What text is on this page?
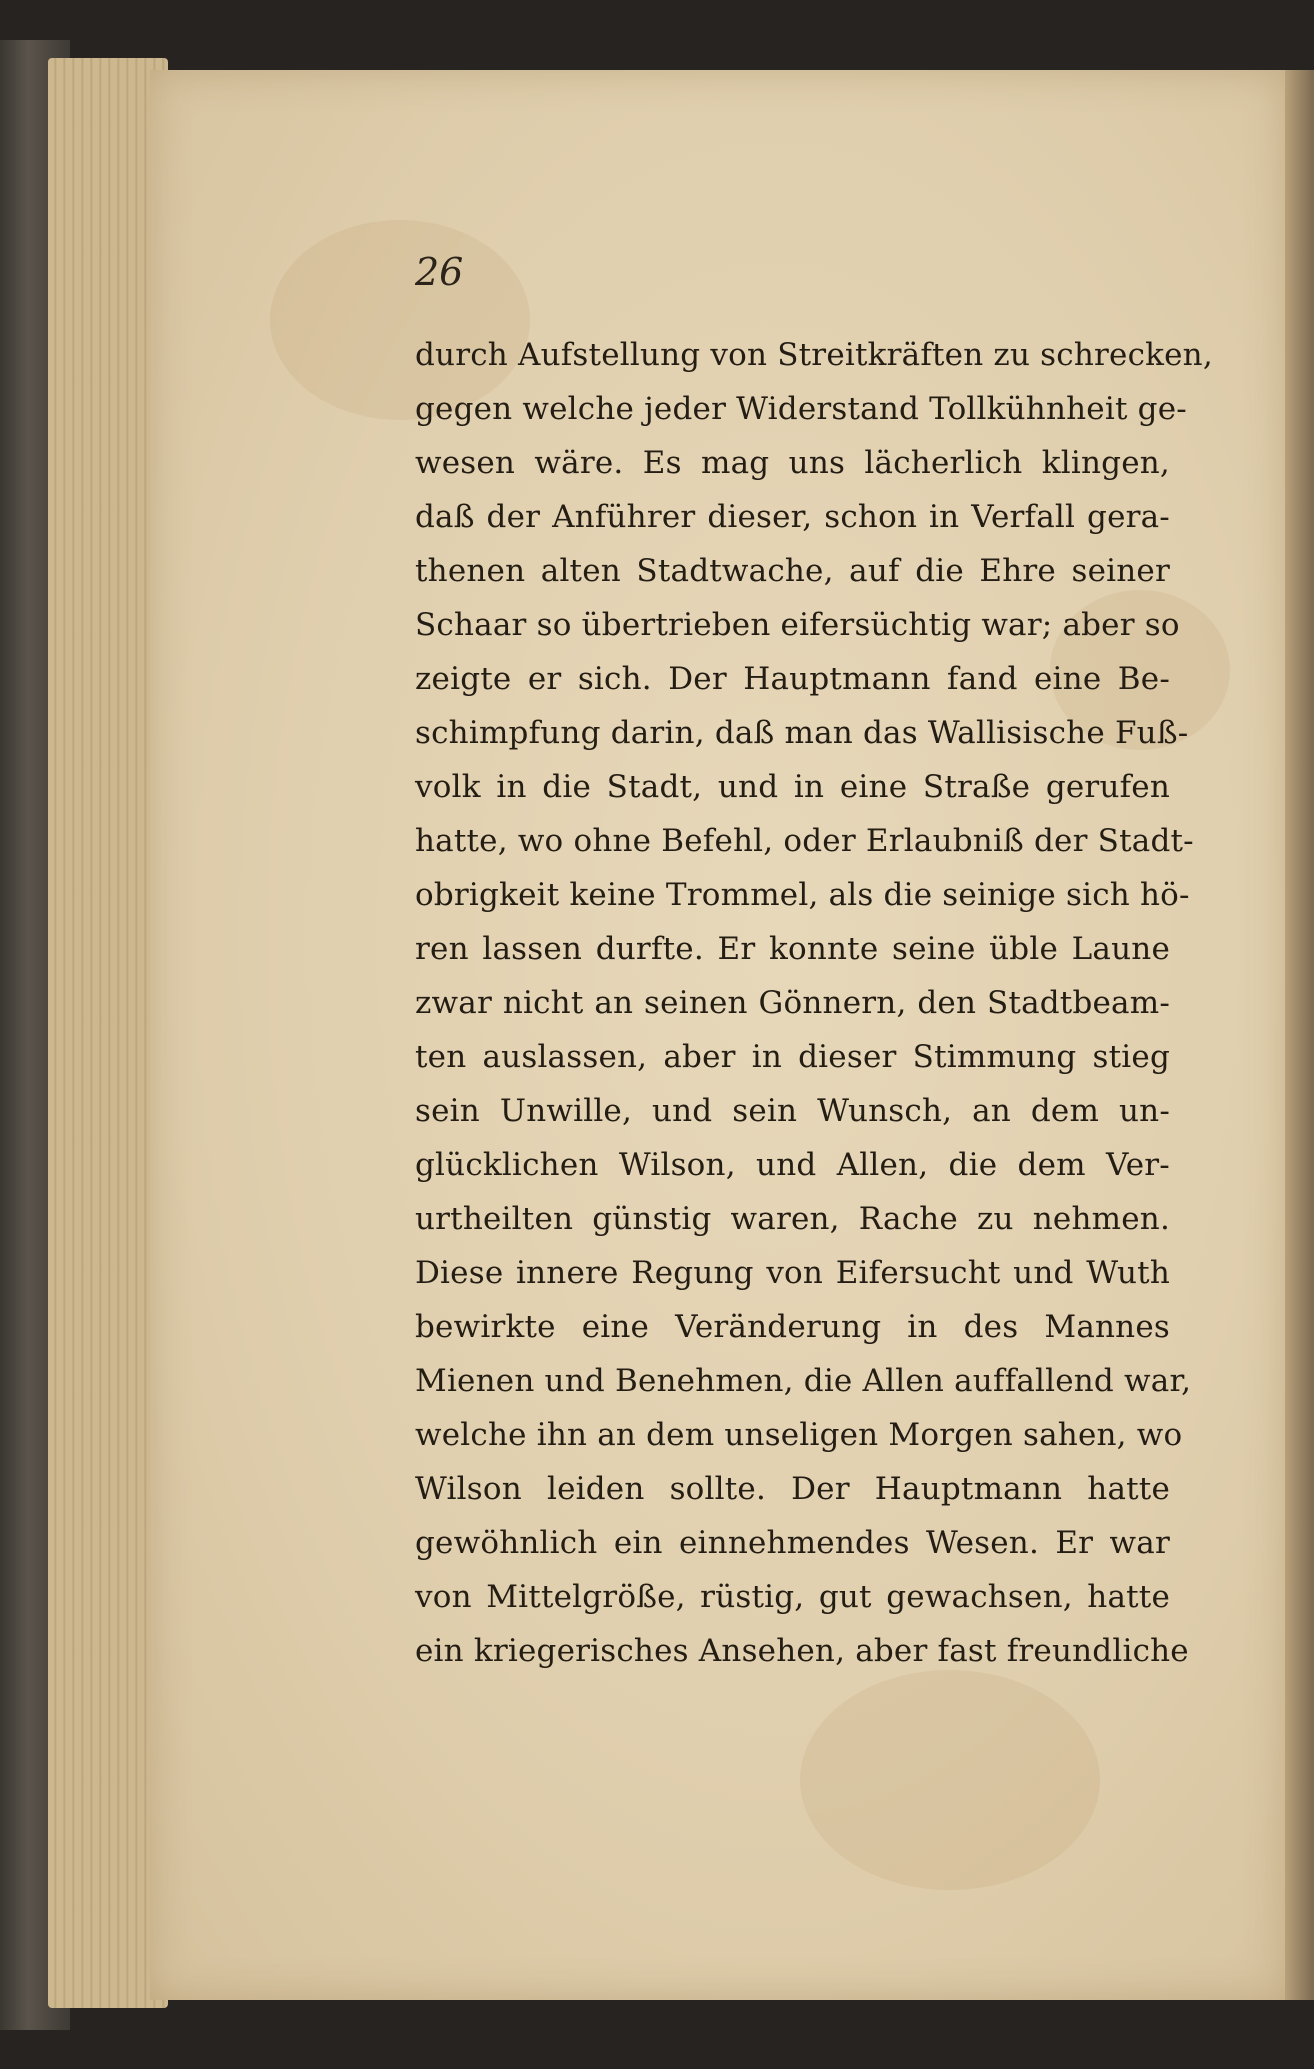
26
durch Aufstellung von Streitkräften zu schrecken,
gegen welche jeder Widerstand Tollkühnheit ge-
wesen wäre. Es mag uns lächerlich klingen,
daß der Anführer dieser, schon in Verfall gera-
thenen alten Stadtwache, auf die Ehre seiner
Schaar so übertrieben eifersüchtig war; aber so
zeigte er sich. Der Hauptmann fand eine Be-
schimpfung darin, daß man das Wallisische Fuß-
volk in die Stadt, und in eine Straße gerufen
hatte, wo ohne Befehl, oder Erlaubniß der Stadt-
obrigkeit keine Trommel, als die seinige sich hö-
ren lassen durfte. Er konnte seine üble Laune
zwar nicht an seinen Gönnern, den Stadtbeam-
ten auslassen, aber in dieser Stimmung stieg
sein Unwille, und sein Wunsch, an dem un-
glücklichen Wilson, und Allen, die dem Ver-
urtheilten günstig waren, Rache zu nehmen.
Diese innere Regung von Eifersucht und Wuth
bewirkte eine Veränderung in des Mannes
Mienen und Benehmen, die Allen auffallend war,
welche ihn an dem unseligen Morgen sahen, wo
Wilson leiden sollte. Der Hauptmann hatte
gewöhnlich ein einnehmendes Wesen. Er war
von Mittelgröße, rüstig, gut gewachsen, hatte
ein kriegerisches Ansehen, aber fast freundliche
